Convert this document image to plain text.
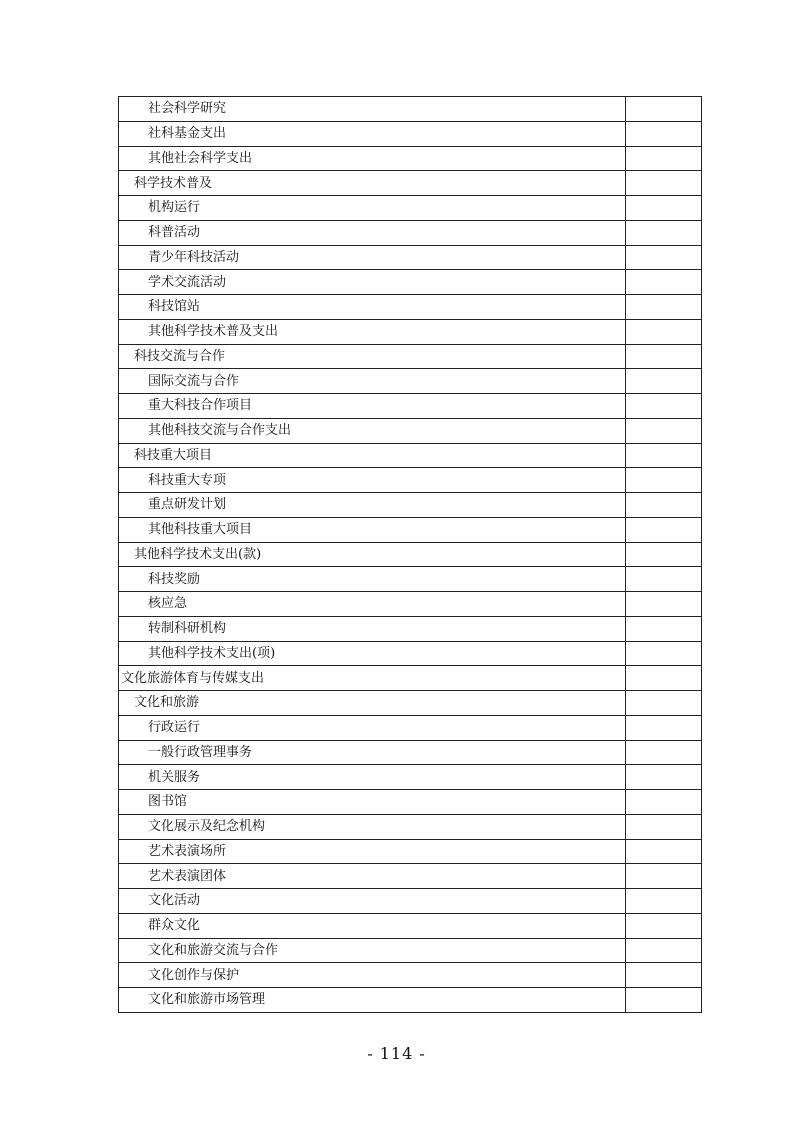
社会科学研究	
社科基金支出	
其他社会科学支出	
科学技术普及	
机构运行	
科普活动	
青少年科技活动	
学术交流活动	
科技馆站	
其他科学技术普及支出	
科技交流与合作	
国际交流与合作	
重大科技合作项目	
其他科技交流与合作支出	
科技重大项目	
科技重大专项	
重点研发计划	
其他科技重大项目	
其他科学技术支出(款)	
科技奖励	
核应急	
转制科研机构	
其他科学技术支出(项)	
文化旅游体育与传媒支出	
文化和旅游	
行政运行	
一般行政管理事务	
机关服务	
图书馆	
文化展示及纪念机构	
艺术表演场所	
艺术表演团体	
文化活动	
群众文化	
文化和旅游交流与合作	
文化创作与保护	
文化和旅游市场管理	
- 114 -
